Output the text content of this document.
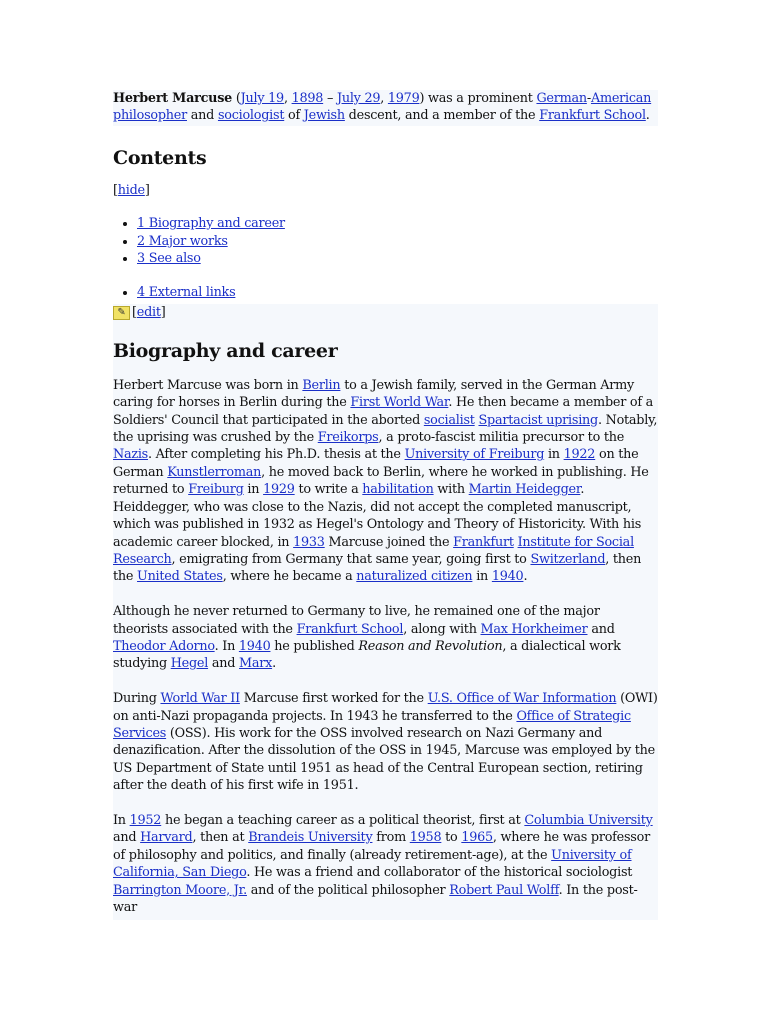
Herbert Marcuse (July 19, 1898 – July 29, 1979) was a prominent German-American philosopher and sociologist of Jewish descent, and a member of the Frankfurt School.

Contents
[hide]
• 1 Biography and career
• 2 Major works
• 3 See also
• 4 External links
✎ [ edit ]
Biography and career

Herbert Marcuse was born in Berlin to a Jewish family, served in the German Army caring for horses in Berlin during the First World War. He then became a member of a Soldiers' Council that participated in the aborted socialist Spartacist uprising. Notably, the uprising was crushed by the Freikorps, a proto-fascist militia precursor to the Nazis. After completing his Ph.D. thesis at the University of Freiburg in 1922 on the German Kunstlerroman, he moved back to Berlin, where he worked in publishing. He returned to Freiburg in 1929 to write a habilitation with Martin Heidegger. Heiddegger, who was close to the Nazis, did not accept the completed manuscript, which was published in 1932 as Hegel's Ontology and Theory of Historicity. With his academic career blocked, in 1933 Marcuse joined the Frankfurt Institute for Social Research, emigrating from Germany that same year, going first to Switzerland, then the United States, where he became a naturalized citizen in 1940.

Although he never returned to Germany to live, he remained one of the major theorists associated with the Frankfurt School, along with Max Horkheimer and Theodor Adorno. In 1940 he published Reason and Revolution, a dialectical work studying Hegel and Marx.

During World War II Marcuse first worked for the U.S. Office of War Information (OWI) on anti-Nazi propaganda projects. In 1943 he transferred to the Office of Strategic Services (OSS). His work for the OSS involved research on Nazi Germany and denazification. After the dissolution of the OSS in 1945, Marcuse was employed by the US Department of State until 1951 as head of the Central European section, retiring after the death of his first wife in 1951.

In 1952 he began a teaching career as a political theorist, first at Columbia University and Harvard, then at Brandeis University from 1958 to 1965, where he was professor of philosophy and politics, and finally (already retirement-age), at the University of California, San Diego. He was a friend and collaborator of the historical sociologist Barrington Moore, Jr. and of the political philosopher Robert Paul Wolff. In the post-war
